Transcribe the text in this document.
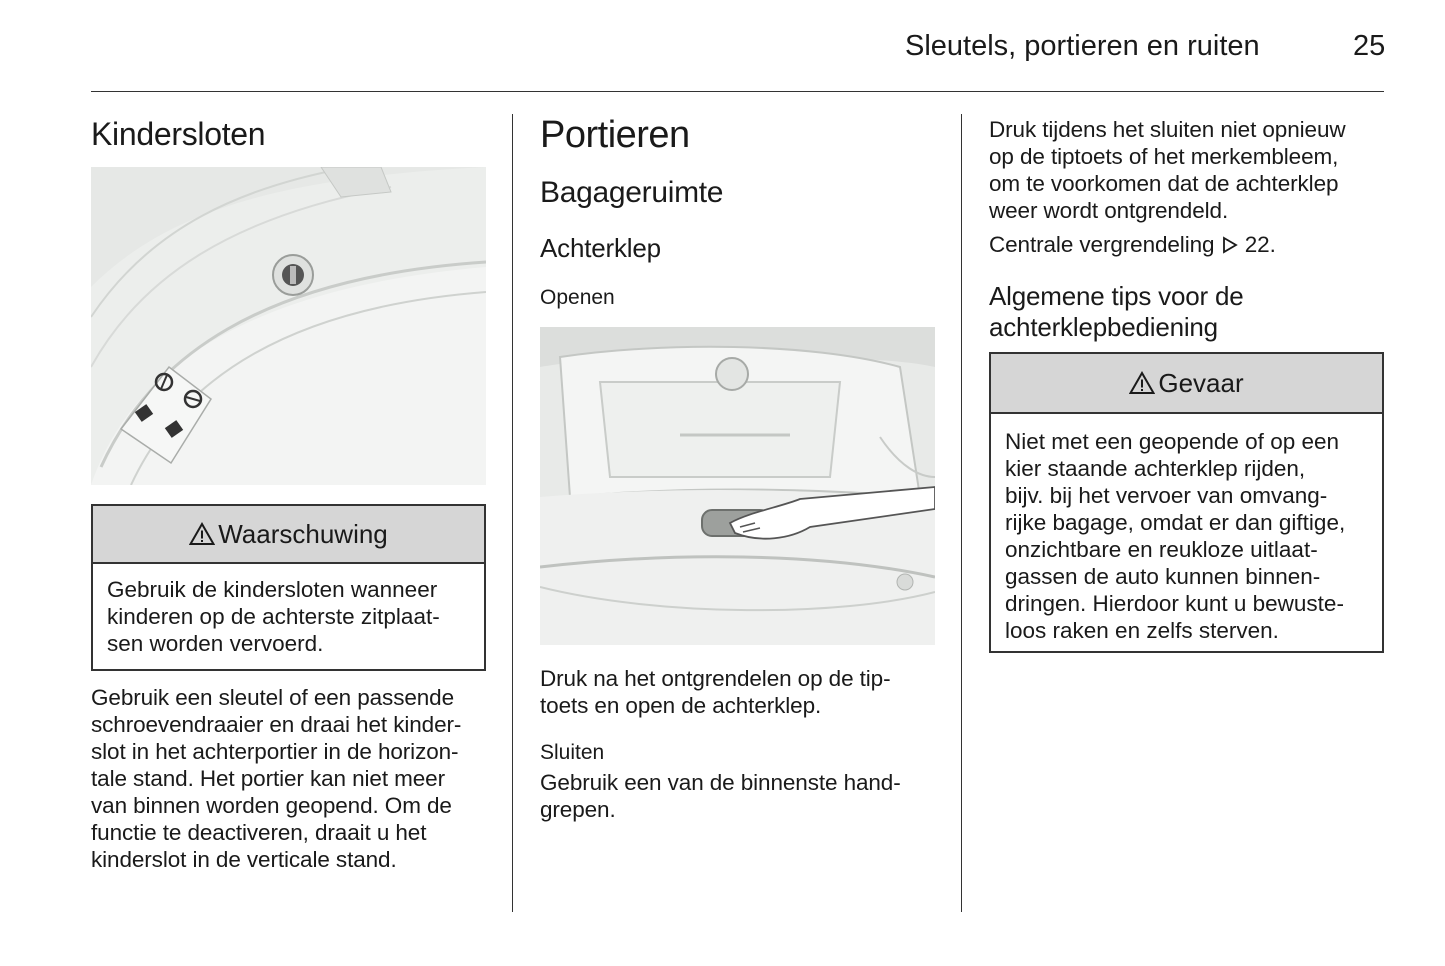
Sleutels, portieren en ruiten	25
Kindersloten
Waarschuwing
Gebruik de kindersloten wanneer
kinderen op de achterste zitplaat-
sen worden vervoerd.
Gebruik een sleutel of een passende
schroevendraaier en draai het kinder-
slot in het achterportier in de horizon-
tale stand. Het portier kan niet meer
van binnen worden geopend. Om de
functie te deactiveren, draait u het
kinderslot in de verticale stand.
Portieren
Bagageruimte
Achterklep
Openen
Druk na het ontgrendelen op de tip-
toets en open de achterklep.
Sluiten
Gebruik een van de binnenste hand-
grepen.
Druk tijdens het sluiten niet opnieuw
op de tiptoets of het merkembleem,
om te voorkomen dat de achterklep
weer wordt ontgrendeld.
Centrale vergrendeling 22.
Algemene tips voor de
achterklepbediening
Gevaar
Niet met een geopende of op een
kier staande achterklep rijden,
bijv. bij het vervoer van omvang-
rijke bagage, omdat er dan giftige,
onzichtbare en reukloze uitlaat-
gassen de auto kunnen binnen-
dringen. Hierdoor kunt u bewuste-
loos raken en zelfs sterven.
